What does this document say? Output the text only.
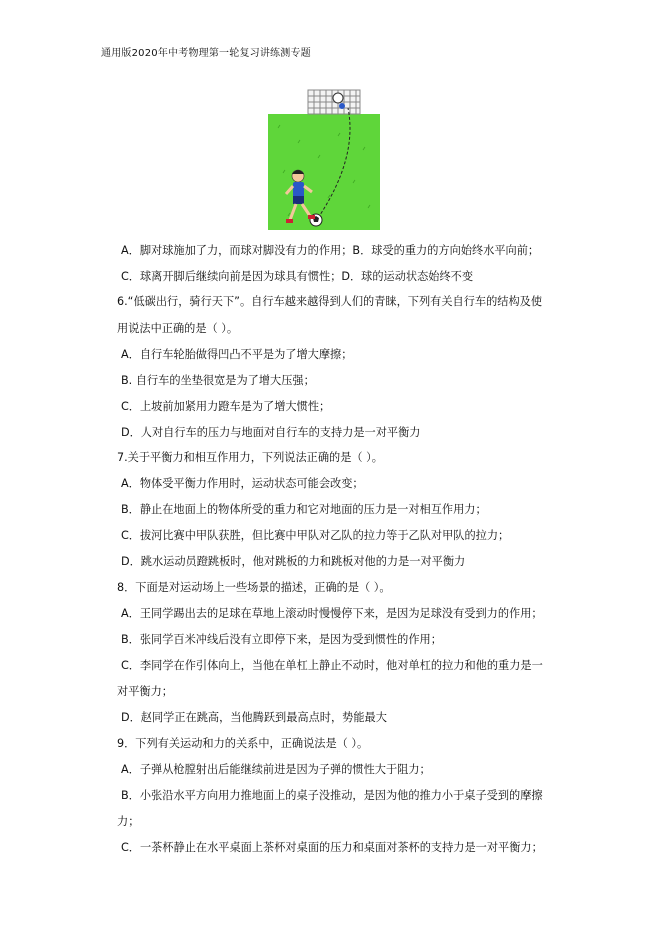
通用版2020年中考物理第一轮复习讲练测专题
A．脚对球施加了力，而球对脚没有力的作用；B．球受的重力的方向始终水平向前；
C．球离开脚后继续向前是因为球具有惯性；D．球的运动状态始终不变
6.“低碳出行，骑行天下”。自行车越来越得到人们的青睐，下列有关自行车的结构及使
用说法中正确的是（ ）。
A．自行车轮胎做得凹凸不平是为了增大摩擦；
B. 自行车的坐垫很宽是为了增大压强；
C．上坡前加紧用力蹬车是为了增大惯性；
D．人对自行车的压力与地面对自行车的支持力是一对平衡力
7.关于平衡力和相互作用力，下列说法正确的是（ ）。
A．物体受平衡力作用时，运动状态可能会改变；
B．静止在地面上的物体所受的重力和它对地面的压力是一对相互作用力；
C．拔河比赛中甲队获胜，但比赛中甲队对乙队的拉力等于乙队对甲队的拉力；
D．跳水运动员蹬跳板时，他对跳板的力和跳板对他的力是一对平衡力
8．下面是对运动场上一些场景的描述，正确的是（ ）。
A．王同学踢出去的足球在草地上滚动时慢慢停下来，是因为足球没有受到力的作用；
B．张同学百米冲线后没有立即停下来，是因为受到惯性的作用；
C．李同学在作引体向上，当他在单杠上静止不动时，他对单杠的拉力和他的重力是一
对平衡力；
D．赵同学正在跳高，当他腾跃到最高点时，势能最大
9．下列有关运动和力的关系中，正确说法是（ ）。
A．子弹从枪膛射出后能继续前进是因为子弹的惯性大于阻力；
B．小张沿水平方向用力推地面上的桌子没推动，是因为他的推力小于桌子受到的摩擦
力；
C．一茶杯静止在水平桌面上茶杯对桌面的压力和桌面对茶杯的支持力是一对平衡力；
